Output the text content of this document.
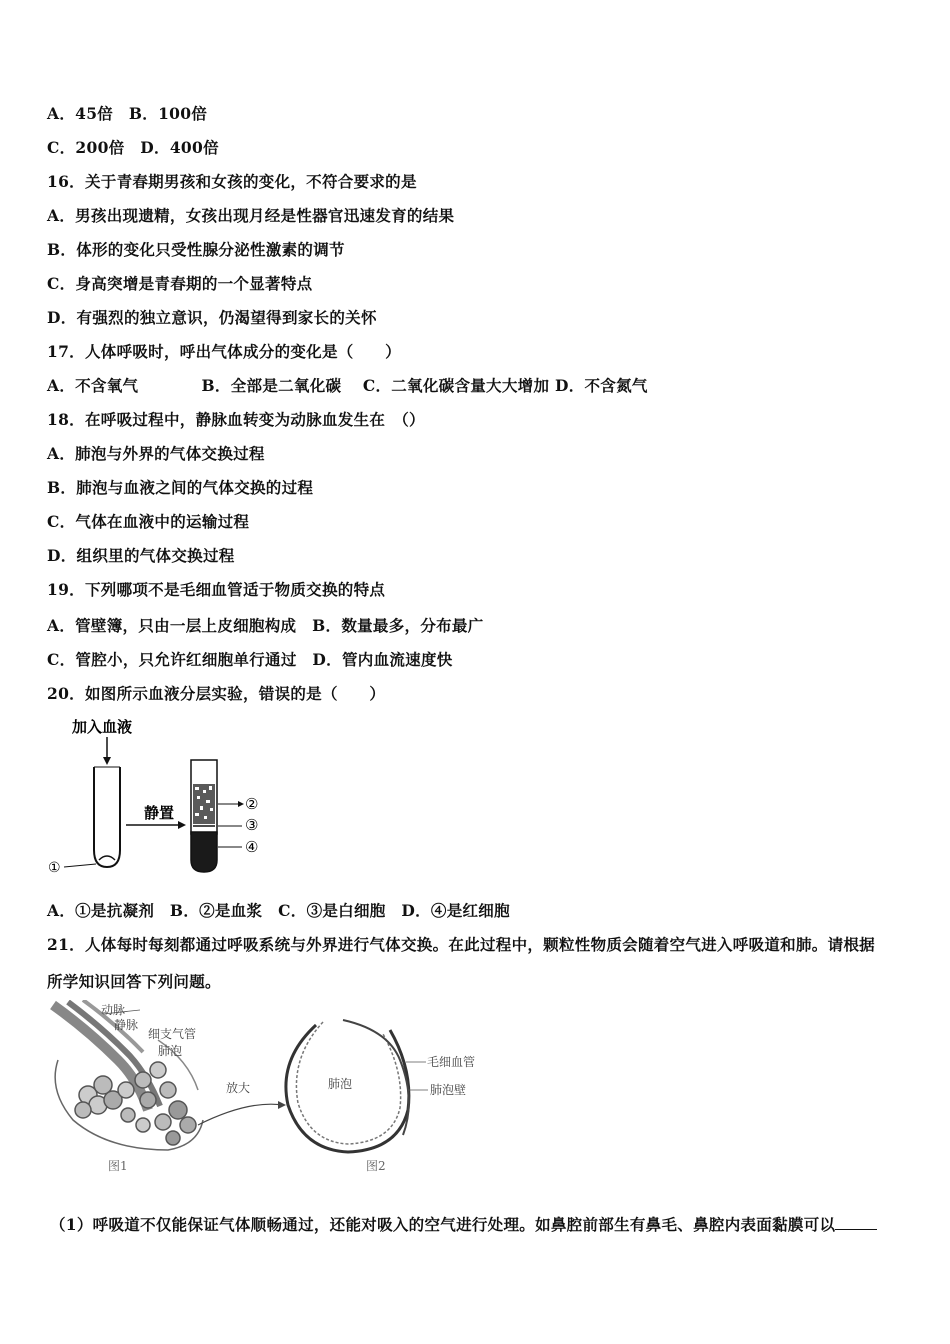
A．45倍　B．100倍
C．200倍　D．400倍
16．关于青春期男孩和女孩的变化，不符合要求的是
A．男孩出现遗精，女孩出现月经是性器官迅速发育的结果
B．体形的变化只受性腺分泌性激素的调节
C．身高突增是青春期的一个显著特点
D．有强烈的独立意识，仍渴望得到家长的关怀
17．人体呼吸时，呼出气体成分的变化是（　　）
A．不含氧气　　　　B．全部是二氧化碳　 C．二氧化碳含量大大增加 D．不含氮气
18．在呼吸过程中，静脉血转变为动脉血发生在　（）
A．肺泡与外界的气体交换过程
B．肺泡与血液之间的气体交换的过程
C．气体在血液中的运输过程
D．组织里的气体交换过程
19．下列哪项不是毛细血管适于物质交换的特点
A．管壁簿，只由一层上皮细胞构成　B．数量最多，分布最广
C．管腔小，只允许红细胞单行通过　D．管内血流速度快
20．如图所示血液分层实验，错误的是（　　）
加入血液
①
静置	②
③
④
A．①是抗凝剂　B．②是血浆　C．③是白细胞　D．④是红细胞
21．人体每时每刻都通过呼吸系统与外界进行气体交换。在此过程中，颗粒性物质会随着空气进入呼吸道和肺。请根据
所学知识回答下列问题。
动脉
静脉
细支气管
肺泡
图1
放大	肺泡
毛细血管
肺泡壁
图2
（1）呼吸道不仅能保证气体顺畅通过，还能对吸入的空气进行处理。如鼻腔前部生有鼻毛、鼻腔内表面黏膜可以
